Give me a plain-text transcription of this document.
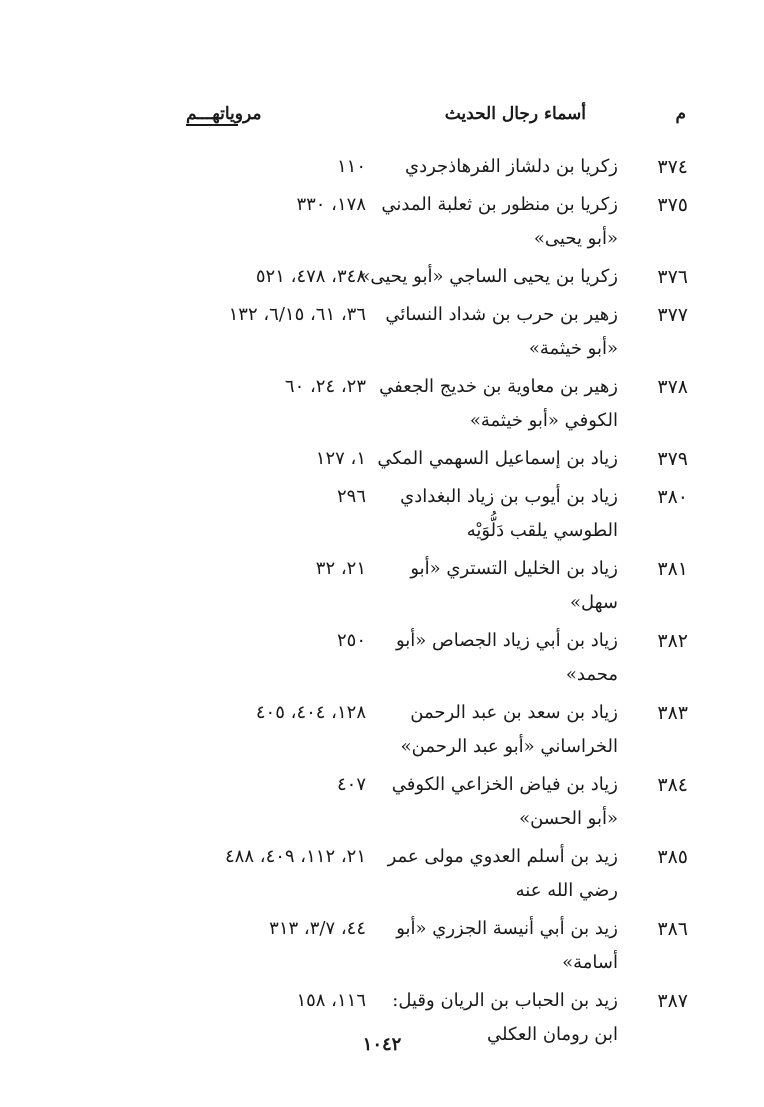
م
أسماء رجال الحديث
مروياتهـــم
٣٧٤
زكريا بن دلشاز الفرهاذجردي
١١٠
٣٧٥
زكريا بن منظور بن ثعلبة المدني
١٧٨، ٣٣٠
«أبو يحيى»
٣٧٦
زكريا بن يحيى الساجي «أبو يحيى»
٣٤٨، ٤٧٨، ٥٢١
٣٧٧
زهير بن حرب بن شداد النسائي
٣٦، ٦١، ٦/١٥، ١٣٢
«أبو خيثمة»
٣٧٨
زهير بن معاوية بن خديج الجعفي
٢٣، ٢٤، ٦٠
الكوفي «أبو خيثمة»
٣٧٩
زياد بن إسماعيل السهمي المكي
١، ١٢٧
٣٨٠
زياد بن أيوب بن زياد البغدادي
٢٩٦
الطوسي يلقب دَلُّوَيْه
٣٨١
زياد بن الخليل التستري «أبو
٢١، ٣٢
سهل»
٣٨٢
زياد بن أبي زياد الجصاص «أبو
٢٥٠
محمد»
٣٨٣
زياد بن سعد بن عبد الرحمن
١٢٨، ٤٠٤، ٤٠٥
الخراساني «أبو عبد الرحمن»
٣٨٤
زياد بن فياض الخزاعي الكوفي
٤٠٧
«أبو الحسن»
٣٨٥
زيد بن أسلم العدوي مولى عمر
٢١، ١١٢، ٤٠٩، ٤٨٨
رضي الله عنه
٣٨٦
زيد بن أبي أنيسة الجزري «أبو
٤٤، ٣/٧، ٣١٣
أسامة»
٣٨٧
زيد بن الحباب بن الريان وقيل:
١١٦، ١٥٨
ابن رومان العكلي
١٠٤٢
